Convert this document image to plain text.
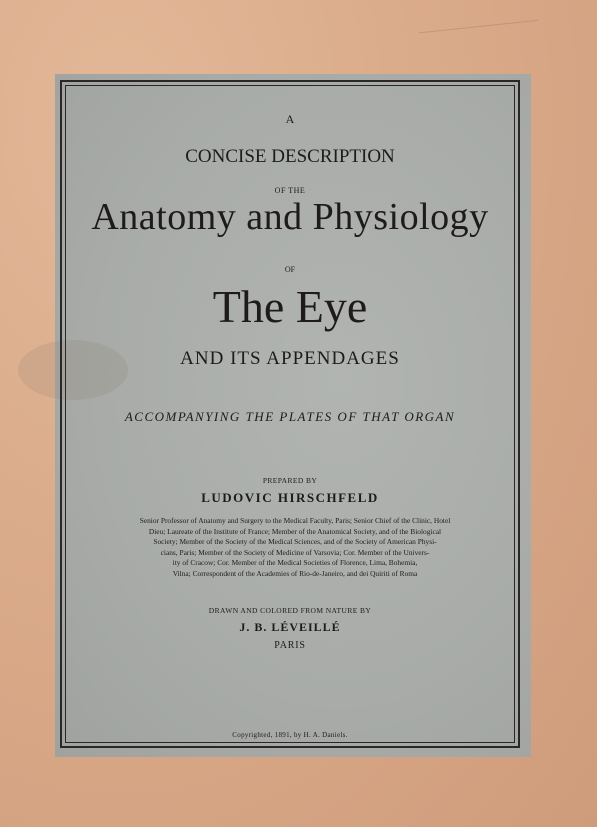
A

CONCISE DESCRIPTION

OF THE

Anatomy and Physiology

OF

The Eye

AND ITS APPENDAGES

ACCOMPANYING THE PLATES OF THAT ORGAN

PREPARED BY

LUDOVIC HIRSCHFELD

Senior Professor of Anatomy and Surgery to the Medical Faculty, Paris; Senior Chief of the Clinic, Hotel
Dieu; Laureate of the Institute of France; Member of the Anatomical Society, and of the Biological
Society; Member of the Society of the Medical Sciences, and of the Society of American Physi-
cians, Paris; Member of the Society of Medicine of Varsovia; Cor. Member of the Univers-
ity of Cracow; Cor. Member of the Medical Societies of Florence, Lima, Bohemia,
Vilna; Correspondent of the Academies of Rio-de-Janeiro, and dei Quiriti of Roma

DRAWN AND COLORED FROM NATURE BY

J. B. LÉVEILLÉ

PARIS

Copyrighted, 1891, by H. A. Daniels.
